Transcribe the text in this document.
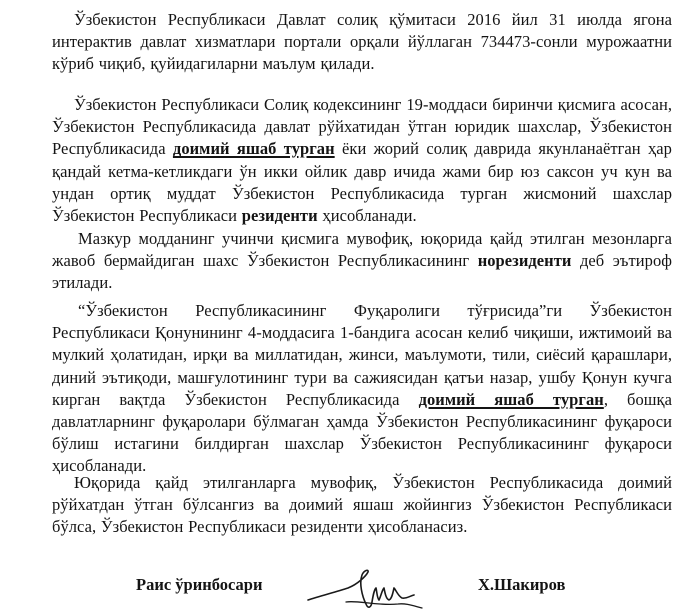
Ўзбекистон Республикаси Давлат солиқ қўмитаси 2016 йил 31 июлда ягона интерактив давлат хизматлари портали орқали йўллаган 734473-сонли мурожаатни кўриб чиқиб, қуйидагиларни маълум қилади.

Ўзбекистон Республикаси Солиқ кодексининг 19-моддаси биринчи қисмига асосан, Ўзбекистон Республикасида давлат рўйхатидан ўтган юридик шахслар, Ўзбекистон Республикасида доимий яшаб турган ёки жорий солиқ даврида якунланаётган ҳар қандай кетма-кетликдаги ўн икки ойлик давр ичида жами бир юз саксон уч кун ва ундан ортиқ муддат Ўзбекистон Республикасида турган жисмоний шахслар Ўзбекистон Республикаси резиденти ҳисобланади.

Мазкур модданинг учинчи қисмига мувофиқ, юқорида қайд этилган мезонларга жавоб бермайдиган шахс Ўзбекистон Республикасининг норезиденти деб эътироф этилади.

“Ўзбекистон Республикасининг Фуқаролиги тўғрисида”ги Ўзбекистон Республикаси Қонунининг 4-моддасига 1-бандига асосан келиб чиқиши, ижтимоий ва мулкий ҳолатидан, ирқи ва миллатидан, жинси, маълумоти, тили, сиёсий қарашлари, диний эътиқоди, машғулотининг тури ва сажиясидан қатъи назар, ушбу Қонун кучга кирган вақтда Ўзбекистон Республикасида доимий яшаб турган, бошқа давлатларнинг фуқаролари бўлмаган ҳамда Ўзбекистон Республикасининг фуқароси бўлиш истагини билдирган шахслар Ўзбекистон Республикасининг фуқароси ҳисобланади.

Юқорида қайд этилганларга мувофиқ, Ўзбекистон Республикасида доимий рўйхатдан ўтган бўлсангиз ва доимий яшаш жойингиз Ўзбекистон Республикаси бўлса, Ўзбекистон Республикаси резиденти ҳисобланасиз.

Раис ўринбосари	Х.Шакиров
